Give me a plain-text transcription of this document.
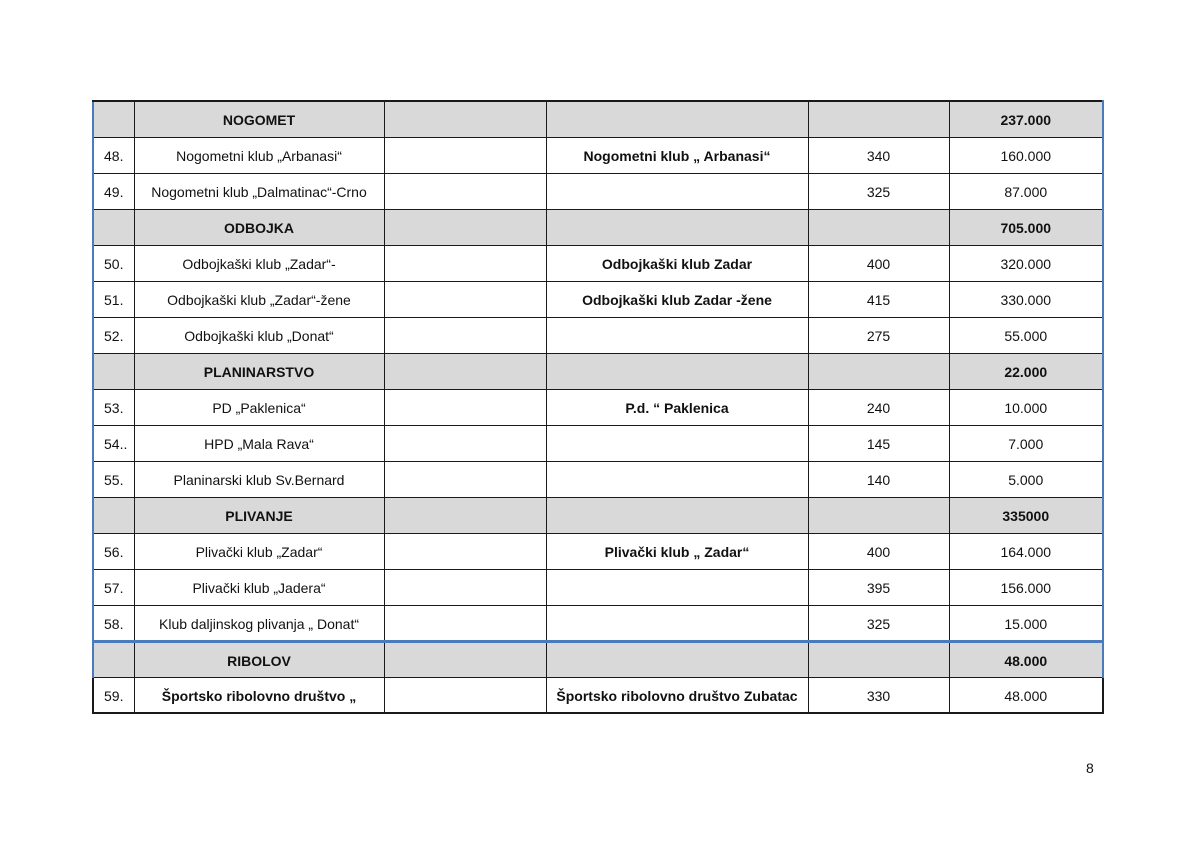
	NOGOMET				237.000
48.	Nogometni klub „Arbanasi“		Nogometni klub „ Arbanasi“	340	160.000
49.	Nogometni klub „Dalmatinac“-Crno			325	87.000
	ODBOJKA				705.000
50.	Odbojkaški klub „Zadar“-		Odbojkaški klub Zadar	400	320.000
51.	Odbojkaški klub „Zadar“-žene		Odbojkaški klub Zadar -žene	415	330.000
52.	Odbojkaški klub „Donat“			275	55.000
	PLANINARSTVO				22.000
53.	PD „Paklenica“		P.d. “ Paklenica	240	10.000
54..	HPD „Mala Rava“			145	7.000
55.	Planinarski klub Sv.Bernard			140	5.000
	PLIVANJE				335000
56.	Plivački klub „Zadar“		Plivački klub „ Zadar“	400	164.000
57.	Plivački klub „Jadera“			395	156.000
58.	Klub daljinskog plivanja „ Donat“			325	15.000
	RIBOLOV				48.000
59.	Športsko ribolovno društvo „		Športsko ribolovno društvo Zubatac	330	48.000
8
